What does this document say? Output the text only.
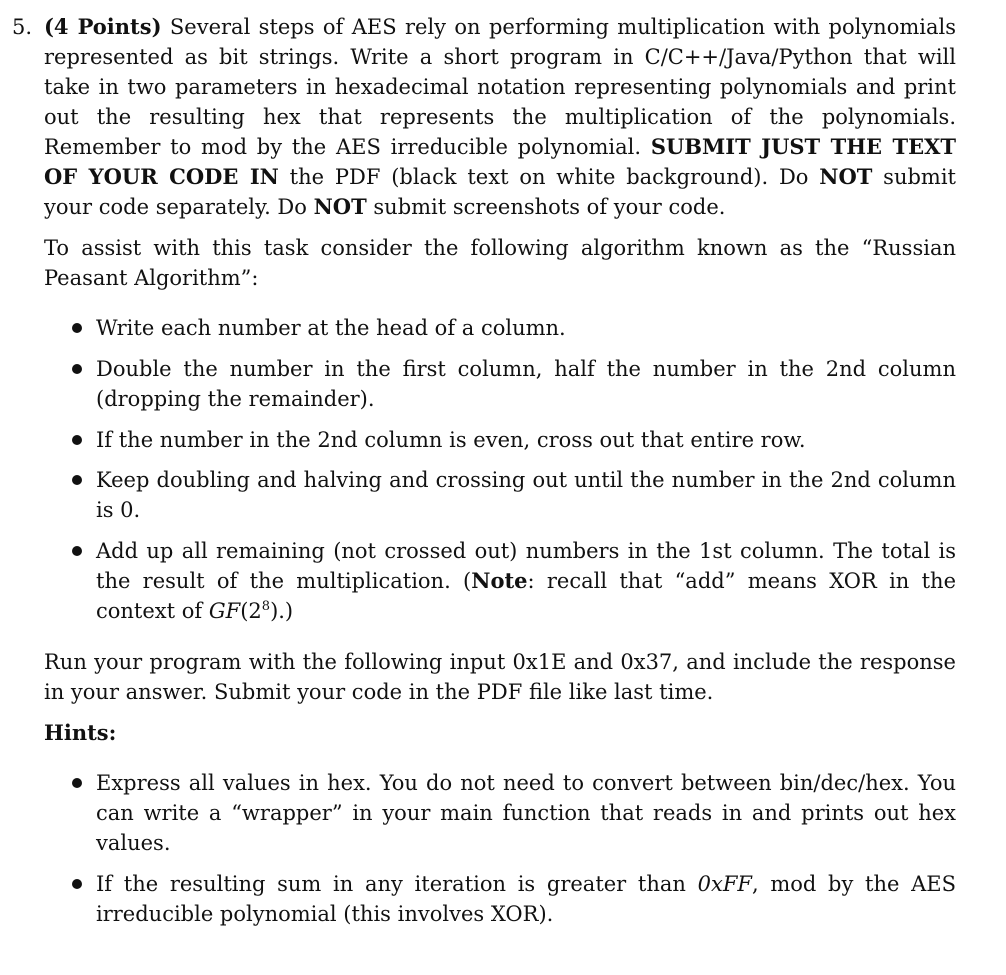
5. (4 Points) Several steps of AES rely on performing multiplication with polynomials represented as bit strings. Write a short program in C/C++/Java/Python that will take in two parameters in hexadecimal notation representing polynomials and print out the resulting hex that represents the multiplication of the polynomials. Remember to mod by the AES irreducible polynomial. SUBMIT JUST THE TEXT OF YOUR CODE IN the PDF (black text on white background). Do NOT submit your code separately. Do NOT submit screenshots of your code.
To assist with this task consider the following algorithm known as the “Russian Peasant Algorithm”:
Write each number at the head of a column.
Double the number in the first column, half the number in the 2nd column (dropping the remainder).
If the number in the 2nd column is even, cross out that entire row.
Keep doubling and halving and crossing out until the number in the 2nd column is 0.
Add up all remaining (not crossed out) numbers in the 1st column. The total is the result of the multiplication. (Note: recall that “add” means XOR in the context of $GF(2^8)$.)
Run your program with the following input 0x1E and 0x37, and include the response in your answer. Submit your code in the PDF file like last time.
Hints:
Express all values in hex. You do not need to convert between bin/dec/hex. You can write a “wrapper” in your main function that reads in and prints out hex values.
If the resulting sum in any iteration is greater than 0xFF, mod by the AES irreducible polynomial (this involves XOR).
